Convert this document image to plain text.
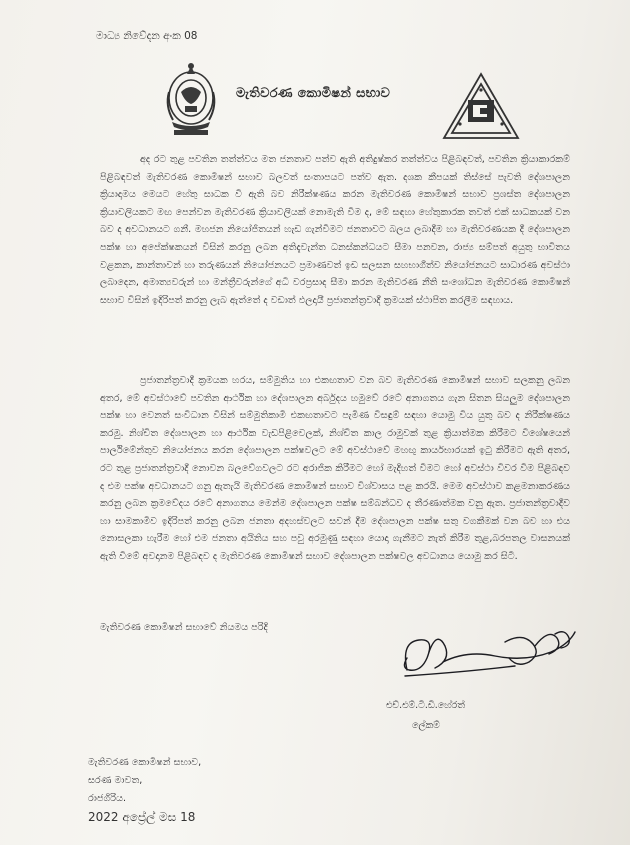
මාධ්‍ය නිවේදන අංක 08
මැතිවරණ කොමිෂන් සභාව

අද රට තුළ පවතින තත්ත්වය මත ජනතාව පත්ව ඇති අතිදුෂ්කර තත්ත්වය පිළිබඳවත්, පවතින ක්‍රියාකාරකම් පිළිබඳවත් මැතිවරණ කොමිෂන් සභාව බලවත් සංතාපයට පත්ව ඇත. දශක කීපයක් තිස්සේ පැවති දේශපාලන ක්‍රියාදාමය මෙයට හේතු සාධක වී ඇති බව නිරීක්ෂණය කරන මැතිවරණ කොමිෂන් සභාව ප්‍රශස්ත දේශපාලන ක්‍රියාවලියකට මඟ පෙන්වන මැතිවරණ ක්‍රියාවලියක් නොමැති වීම ද, මේ සඳහා හේතුකාරක තවත් එක් සාධකයක් වන බව ද අවධානයට ගනී. මහජන නියෝජිතයන් හැඩ ගැන්වීමට ජනතාවට බලය ලබාදීම හා මැතිවරණයක දී දේශපාලන පක්ෂ හා අපේක්ෂකයන් විසින් කරනු ලබන අතිදැවැන්ත ධනස්කන්ධයට සීමා පනවන, රාජ්‍ය සම්පත් අයුතු භාවිතය වළකන, කාන්තාවන් හා තරුණයන් නියෝජනයට ප්‍රමාණවත් ඉඩ සලසන සහභාගීත්ව නියෝජනයට සාධාරණ අවස්ථා ලබාදෙන, අමාත්‍යවරුන් හා මන්ත්‍රීවරුන්ගේ අධි වරප්‍රසාද සීමා කරන මැතිවරණ නීති සංශෝධන මැතිවරණ කොමිෂන් සභාව විසින් ඉදිරිපත් කරනු ලැබ ඇත්තේ ද වඩාත් ඵලදායී ප්‍රජාතන්ත්‍රවාදී ක්‍රමයක් ස්ථාපිත කරලීම සඳහාය.

ප්‍රජාතන්ත්‍රවාදී ක්‍රමයක හරය, සම්මුතිය හා එකඟතාව වන බව මැතිවරණ කොමිෂන් සභාව සලකනු ලබන අතර, මේ අවස්ථාවේ පවතින ආර්ථික හා දේශපාලන අර්බුදය හමුවේ රටේ අනාගතය ගැන සිතන සියලුම දේශපාලන පක්ෂ හා වෙනත් සංවිධාන විසින් සම්මුතිකාමී එකඟතාවට පැමිණ විසඳුම් සඳහා යොමු විය යුතු බව ද නිරීක්ෂණය කරමු. නිශ්චිත දේශපාලන හා ආර්ථික වැඩපිළිවෙලක්, නිශ්චිත කාල රාමුවක් තුළ ක්‍රියාත්මක කිරීමට විශේෂයෙන් පාර්ලිමේන්තුව නියෝජනය කරන දේශපාලන පක්ෂවලට මේ අවස්ථාවේ මහඟු කාර්යභාරයක් ඉටු කිරීමට ඇති අතර, රට තුළ ප්‍රජාතන්ත්‍රවාදී නොවන බලවේගවලට රට අරාජික කිරීමට හෝ මැදිහත් වීමට හෝ අවස්ථා විවර වීම පිළිබඳව ද එම පක්ෂ අවධානයට ගනු ඇතැයි මැතිවරණ කොමිෂන් සභාව විශ්වාසය පළ කරයි. මෙම අවස්ථාව කළමනාකරණය කරනු ලබන ක්‍රමවේදය රටේ අනාගතය මෙන්ම දේශපාලන පක්ෂ සම්බන්ධව ද තීරණාත්මක වනු ඇත. ප්‍රජාතන්ත්‍රවාදීව හා සාමකාමීව ඉදිරිපත් කරනු ලබන ජනතා අදහස්වලට සවන් දීම දේශපාලන පක්ෂ සතු වගකීමක් වන බව හා එය නොසලකා හැරීම හෝ එම ජනතා අයිතිය සහ පවු අරමුණු සඳහා යොදා ගැනීමට නැත් කිරීම තුළ,බරපතල වාසනයක් ඇති වීමේ අවදානම පිළිබඳව ද මැතිවරණ කොමිෂන් සභාව දේශපාලන පක්ෂවල අවධානය යොමු කර සිටී.

මැතිවරණ කොමිෂන් සභාවේ නියමය පරිදි
එච්.එම්.ටී.ඩී.හේරත්
ලේකම්
මැතිවරණ කොමිෂන් සභාව,
සරණ මාවත,
රාජගිරිය.
2022 අප්‍රේල් මස 18
